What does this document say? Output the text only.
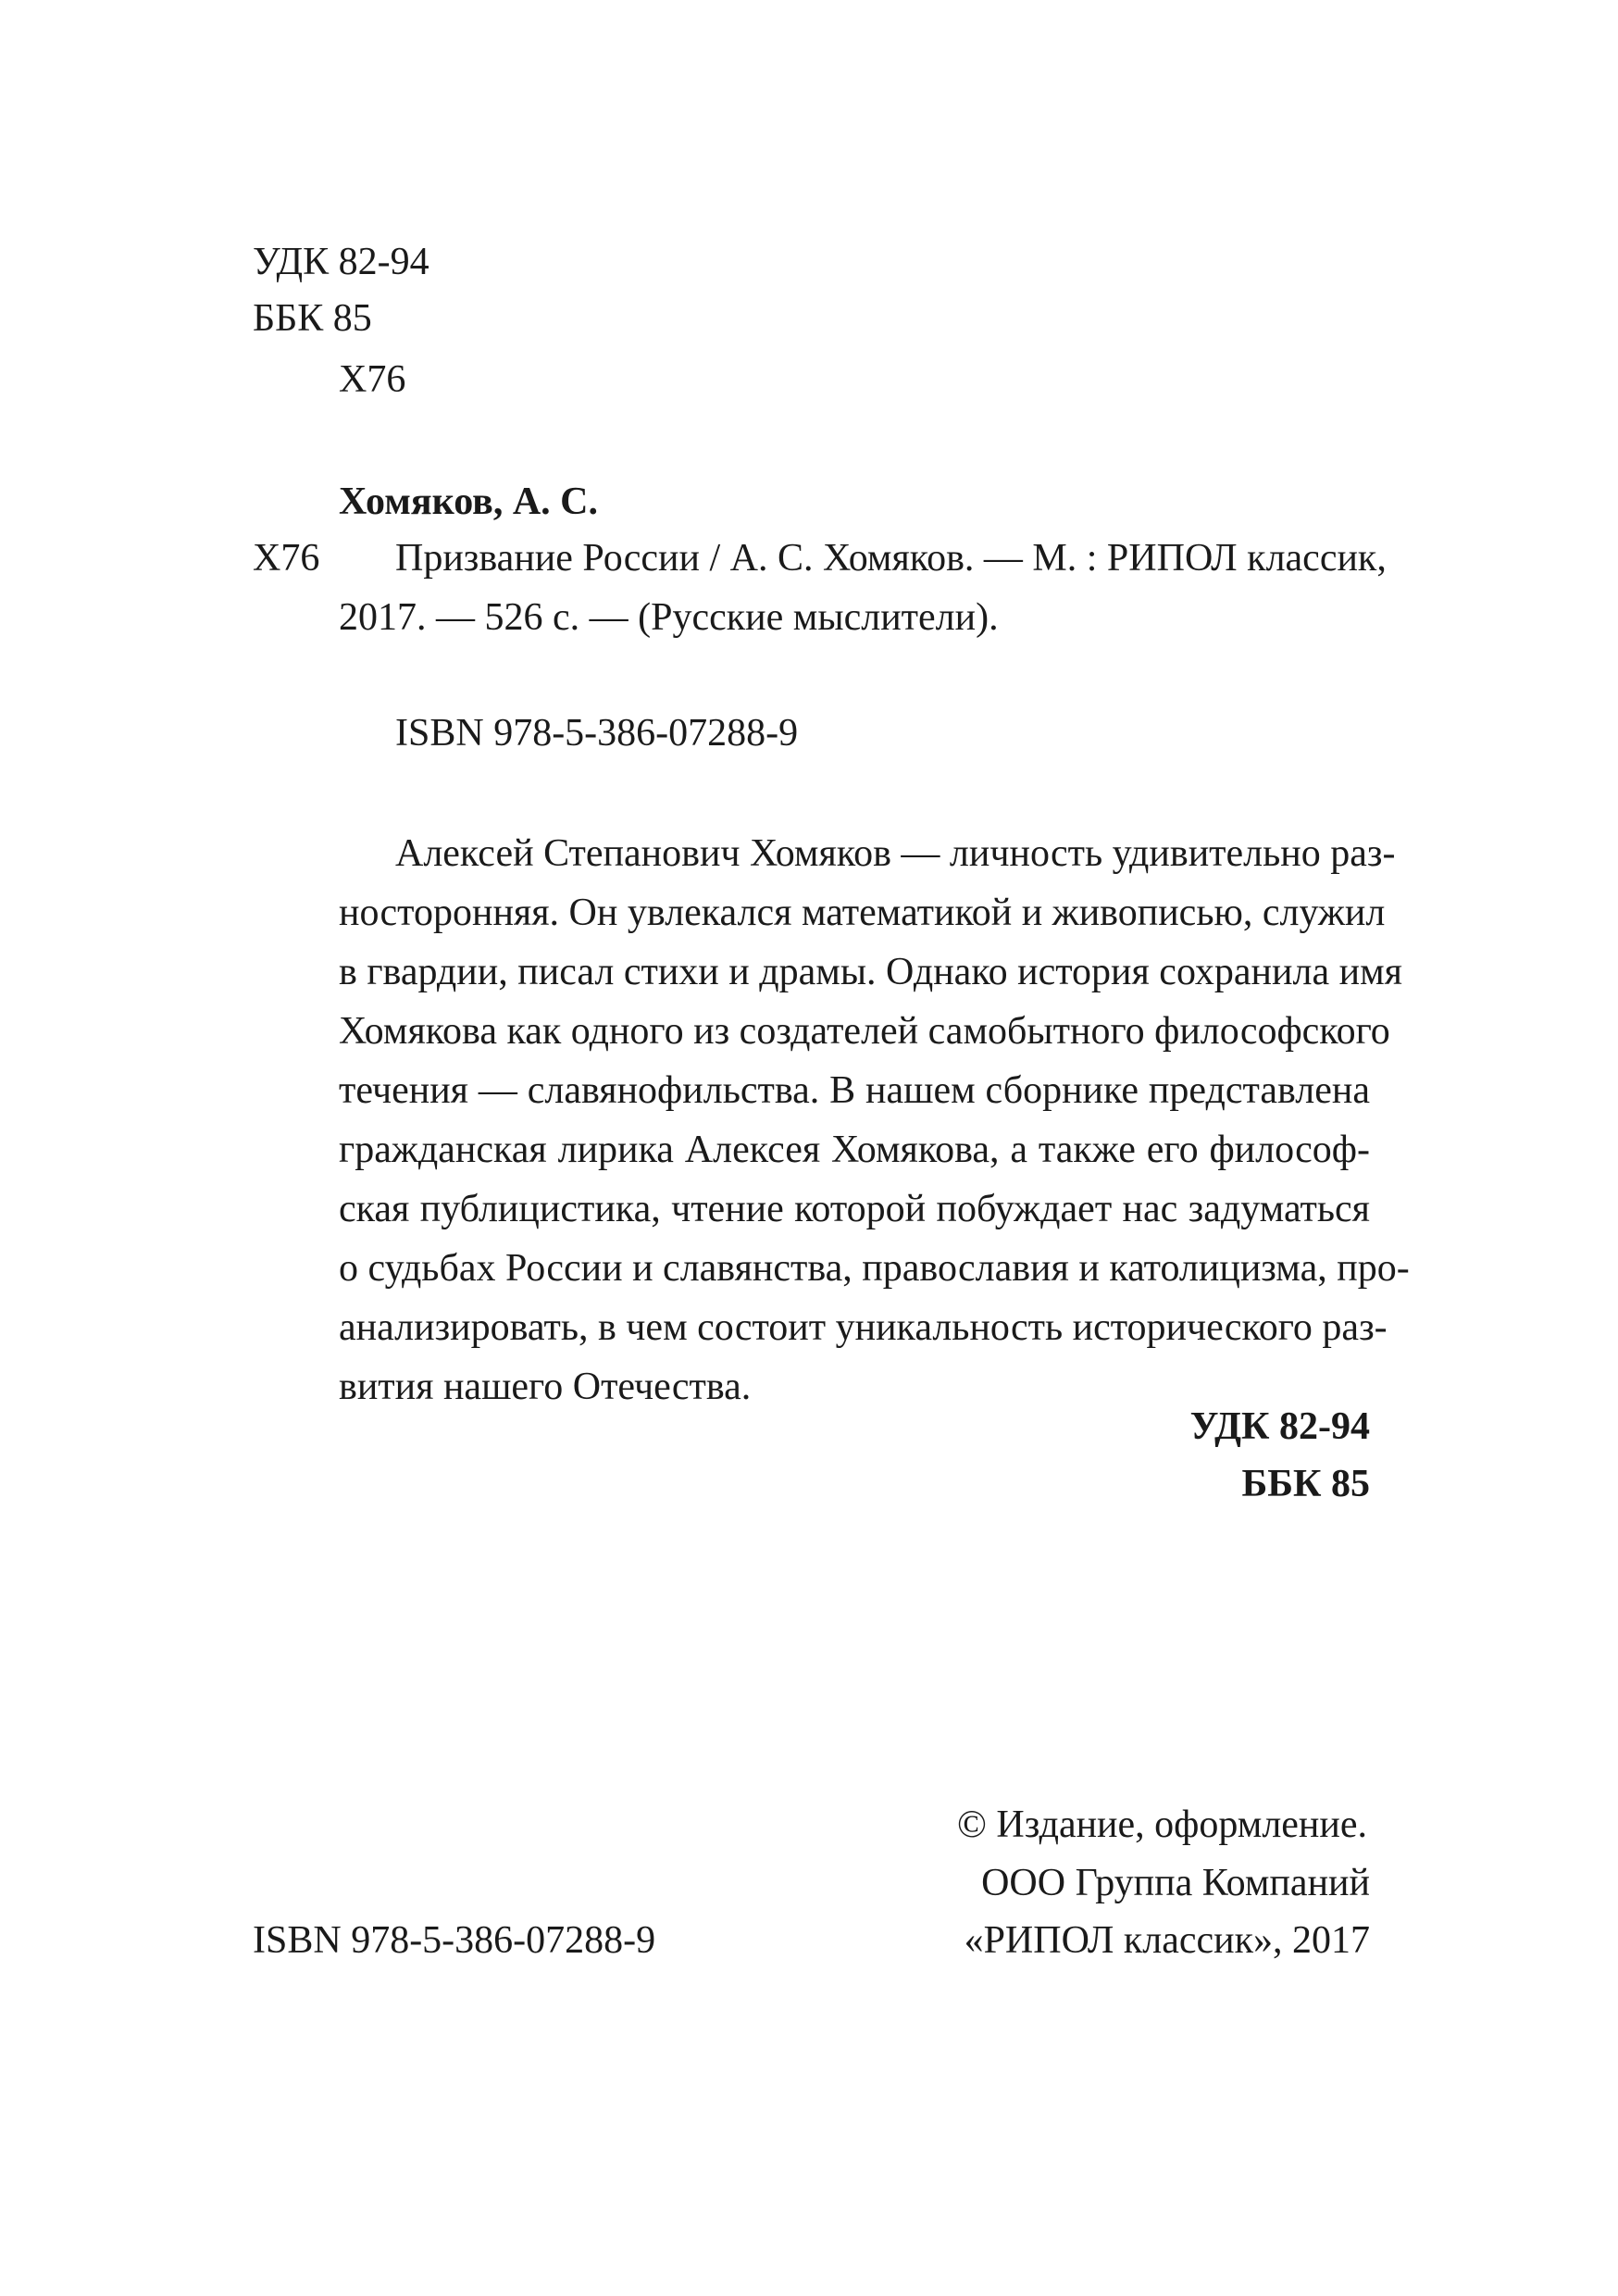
УДК 82-94

ББК 85

Х76

Хомяков, А. С.

Х76 Призвание России / А. С. Хомяков. — М. : РИПОЛ классик,

2017. — 526 с. — (Русские мыслители).

ISBN 978-5-386-07288-9

Алексей Степанович Хомяков — личность удивительно раз-
носторонняя. Он увлекался математикой и живописью, служил
в гвардии, писал стихи и драмы. Однако история сохранила имя
Хомякова как одного из создателей самобытного философского
течения — славянофильства. В нашем сборнике представлена
гражданская лирика Алексея Хомякова, а также его философ-
ская публицистика, чтение которой побуждает нас задуматься
о судьбах России и славянства, православия и католицизма, про-
анализировать, в чем состоит уникальность исторического раз-
вития нашего Отечества.

УДК 82-94

ББК 85

ISBN 978-5-386-07288-9

© Издание, оформление.

ООО Группа Компаний

«РИПОЛ классик», 2017
